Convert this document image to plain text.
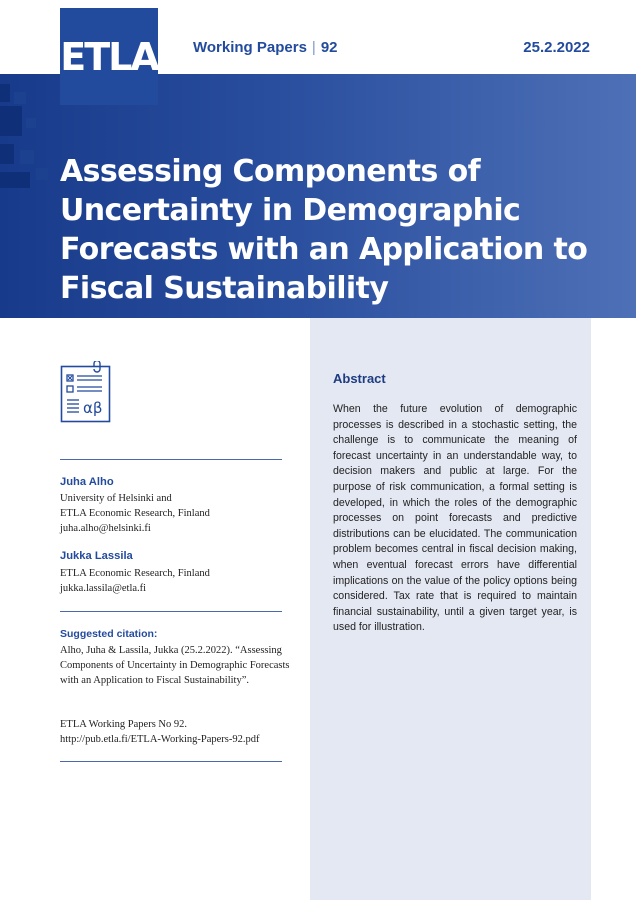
ETLA Working Papers | 92	25.2.2022
Assessing Components of Uncertainty in Demographic Forecasts with an Application to Fiscal Sustainability
αβ
Juha Alho
University of Helsinki and
ETLA Economic Research, Finland
juha.alho@helsinki.fi
Jukka Lassila
ETLA Economic Research, Finland
jukka.lassila@etla.fi
Suggested citation:
Alho, Juha & Lassila, Jukka (25.2.2022). “Assessing Components of Uncertainty in Demographic Forecasts with an Application to Fiscal Sustainability”.
ETLA Working Papers No 92.
http://pub.etla.fi/ETLA-Working-Papers-92.pdf
Abstract
When the future evolution of demographic processes is described in a stochastic setting, the challenge is to communicate the meaning of forecast uncertainty in an understandable way, to decision makers and public at large. For the purpose of risk communication, a formal setting is developed, in which the roles of the demographic processes on point forecasts and predictive distributions can be elucidated. The communication problem becomes central in fiscal decision making, when eventual forecast errors have differential implications on the value of the policy options being considered. Tax rate that is required to maintain financial sustainability, until a given target year, is used for illustration.
